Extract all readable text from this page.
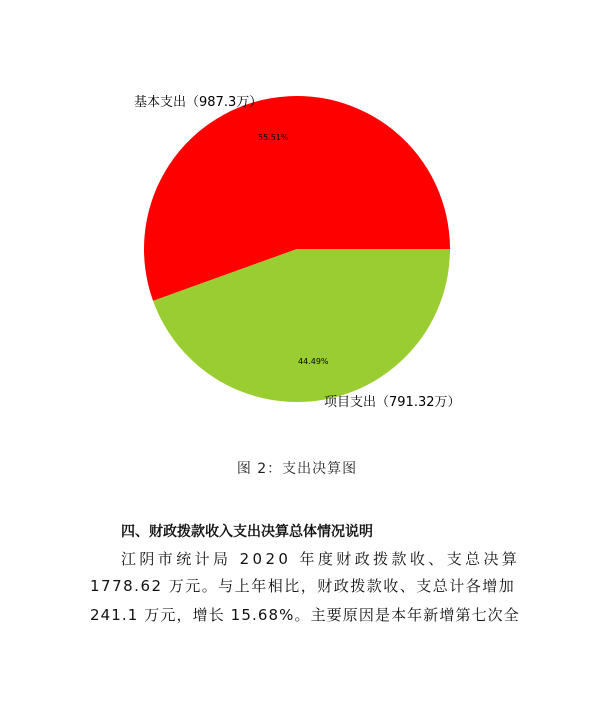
基本支出（987.3万）
55.51%
44.49%
项目支出（791.32万）
图 2：支出决算图
四、财政拨款收入支出决算总体情况说明
江阴市统计局 2020 年度财政拨款收、支总决算
1778.62 万元。与上年相比，财政拨款收、支总计各增加
241.1 万元，增长 15.68%。主要原因是本年新增第七次全
